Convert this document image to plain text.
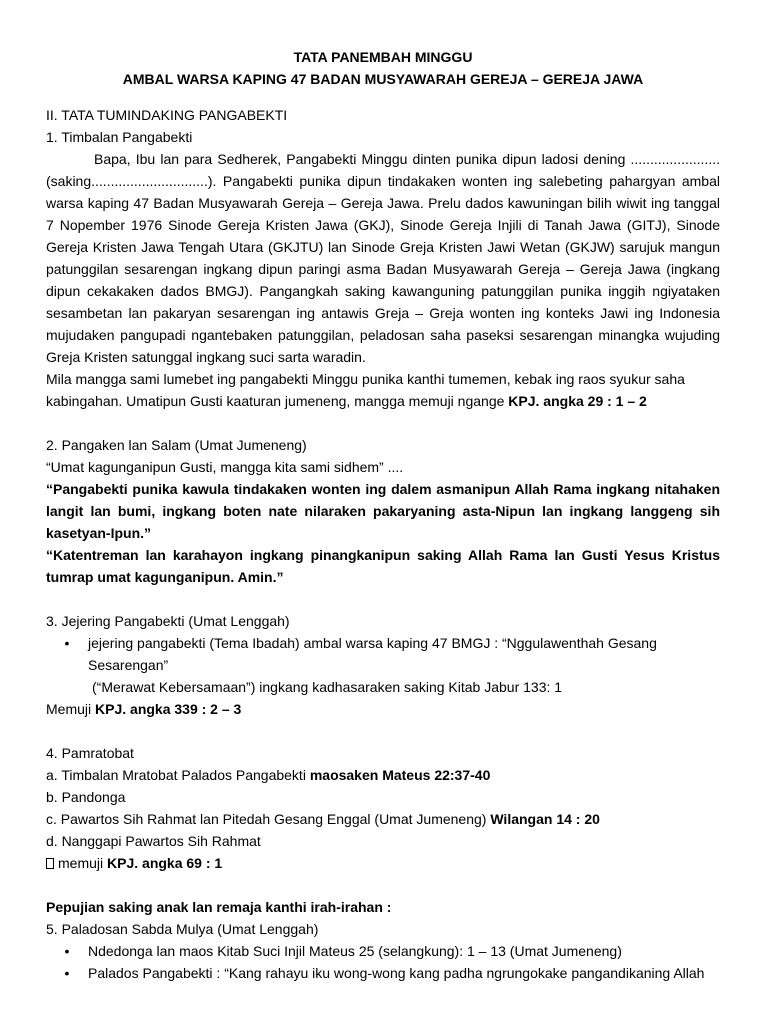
TATA PANEMBAH MINGGU
AMBAL WARSA KAPING 47 BADAN MUSYAWARAH GEREJA – GEREJA JAWA
II. TATA TUMINDAKING PANGABEKTI
1. Timbalan Pangabekti
Bapa, Ibu lan para Sedherek, Pangabekti Minggu dinten punika dipun ladosi dening ....................... (saking..............................). Pangabekti punika dipun tindakaken wonten ing salebeting pahargyan ambal warsa kaping 47 Badan Musyawarah Gereja – Gereja Jawa. Prelu dados kawuningan bilih wiwit ing tanggal 7 Nopember 1976 Sinode Gereja Kristen Jawa (GKJ), Sinode Gereja Injili di Tanah Jawa (GITJ), Sinode Gereja Kristen Jawa Tengah Utara (GKJTU) lan Sinode Greja Kristen Jawi Wetan (GKJW) sarujuk mangun patunggilan sesarengan ingkang dipun paringi asma Badan Musyawarah Gereja – Gereja Jawa (ingkang dipun cekakaken dados BMGJ). Pangangkah saking kawanguning patunggilan punika inggih ngiyataken sesambetan lan pakaryan sesarengan ing antawis Greja – Greja wonten ing konteks Jawi ing Indonesia mujudaken pangupadi ngantebaken patunggilan, peladosan saha paseksi sesarengan minangka wujuding Greja Kristen satunggal ingkang suci sarta waradin.
Mila mangga sami lumebet ing pangabekti Minggu punika kanthi tumemen, kebak ing raos syukur saha
kabingahan. Umatipun Gusti kaaturan jumeneng, mangga memuji ngange KPJ. angka 29 : 1 – 2
2. Pangaken lan Salam (Umat Jumeneng)
“Umat kagunganipun Gusti, mangga kita sami sidhem” ....
“Pangabekti punika kawula tindakaken wonten ing dalem asmanipun Allah Rama ingkang nitahaken langit lan bumi, ingkang boten nate nilaraken pakaryaning asta-Nipun lan ingkang langgeng sih kasetyan-Ipun.”
“Katentreman lan karahayon ingkang pinangkanipun saking Allah Rama lan Gusti Yesus Kristus tumrap umat kagunganipun. Amin.”
3. Jejering Pangabekti (Umat Lenggah)
•	jejering pangabekti (Tema Ibadah) ambal warsa kaping 47 BMGJ : “Nggulawenthah Gesang Sesarengan”
(“Merawat Kebersamaan”) ingkang kadhasaraken saking Kitab Jabur 133: 1
Memuji KPJ. angka 339 : 2 – 3
4. Pamratobat
a. Timbalan Mratobat Palados Pangabekti maosaken Mateus 22:37-40
b. Pandonga
c. Pawartos Sih Rahmat lan Pitedah Gesang Enggal (Umat Jumeneng) Wilangan 14 : 20
d. Nanggapi Pawartos Sih Rahmat
memuji KPJ. angka 69 : 1
Pepujian saking anak lan remaja kanthi irah-irahan :
5. Paladosan Sabda Mulya (Umat Lenggah)
•	Ndedonga lan maos Kitab Suci Injil Mateus 25 (selangkung): 1 – 13 (Umat Jumeneng)
•	Palados Pangabekti : “Kang rahayu iku wong-wong kang padha ngrungokake pangandikaning Allah
